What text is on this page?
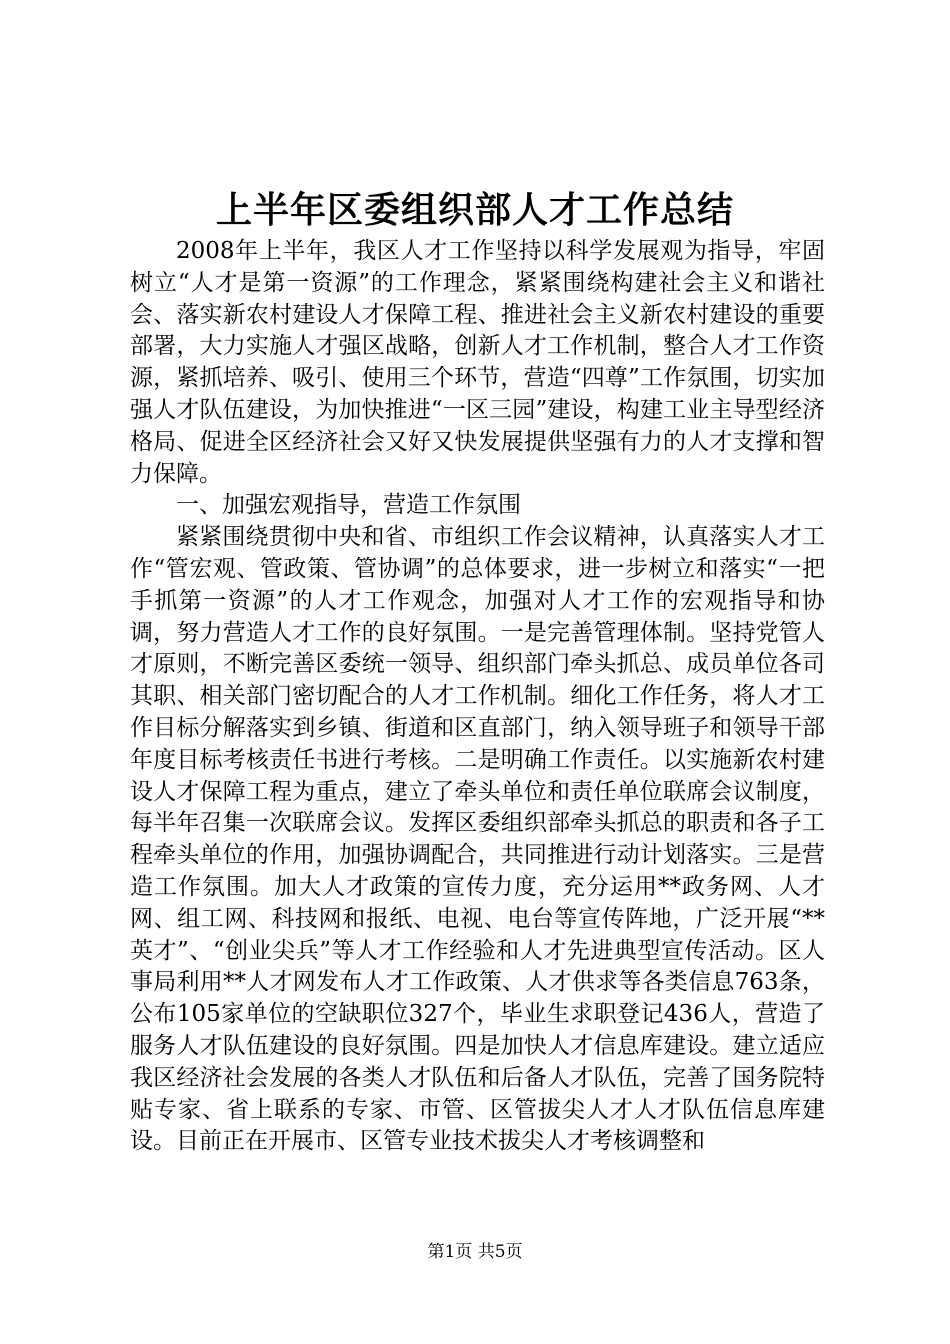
上半年区委组织部人才工作总结

2008年上半年，我区人才工作坚持以科学发展观为指导，牢固树立“人才是第一资源”的工作理念，紧紧围绕构建社会主义和谐社会、落实新农村建设人才保障工程、推进社会主义新农村建设的重要部署，大力实施人才强区战略，创新人才工作机制，整合人才工作资源，紧抓培养、吸引、使用三个环节，营造“四尊”工作氛围，切实加强人才队伍建设，为加快推进“一区三园”建设，构建工业主导型经济格局、促进全区经济社会又好又快发展提供坚强有力的人才支撑和智力保障。

一、加强宏观指导，营造工作氛围

紧紧围绕贯彻中央和省、市组织工作会议精神，认真落实人才工作“管宏观、管政策、管协调”的总体要求，进一步树立和落实“一把手抓第一资源”的人才工作观念，加强对人才工作的宏观指导和协调，努力营造人才工作的良好氛围。一是完善管理体制。坚持党管人才原则，不断完善区委统一领导、组织部门牵头抓总、成员单位各司其职、相关部门密切配合的人才工作机制。细化工作任务，将人才工作目标分解落实到乡镇、街道和区直部门，纳入领导班子和领导干部年度目标考核责任书进行考核。二是明确工作责任。以实施新农村建设人才保障工程为重点，建立了牵头单位和责任单位联席会议制度，每半年召集一次联席会议。发挥区委组织部牵头抓总的职责和各子工程牵头单位的作用，加强协调配合，共同推进行动计划落实。三是营造工作氛围。加大人才政策的宣传力度，充分运用**政务网、人才网、组工网、科技网和报纸、电视、电台等宣传阵地，广泛开展“**英才”、“创业尖兵”等人才工作经验和人才先进典型宣传活动。区人事局利用**人才网发布人才工作政策、人才供求等各类信息763条，公布105家单位的空缺职位327个，毕业生求职登记436人，营造了服务人才队伍建设的良好氛围。四是加快人才信息库建设。建立适应我区经济社会发展的各类人才队伍和后备人才队伍，完善了国务院特贴专家、省上联系的专家、市管、区管拔尖人才人才队伍信息库建设。目前正在开展市、区管专业技术拔尖人才考核调整和

第1页 共5页
